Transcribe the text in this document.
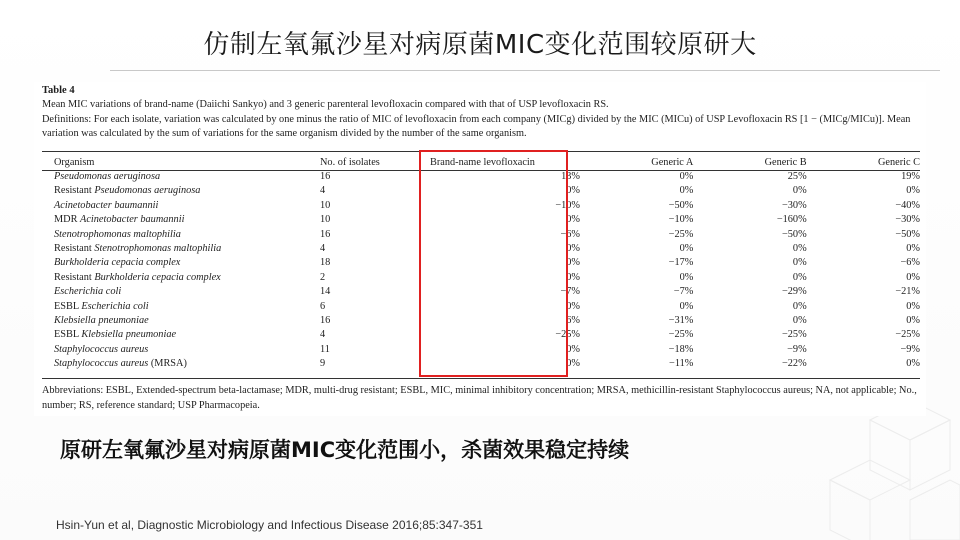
仿制左氧氟沙星对病原菌MIC变化范围较原研大
Table 4
Mean MIC variations of brand-name (Daiichi Sankyo) and 3 generic parenteral levofloxacin compared with that of USP levofloxacin RS.
Definitions: For each isolate, variation was calculated by one minus the ratio of MIC of levofloxacin from each company (MICg) divided by the MIC (MICu) of USP Levofloxacin RS [1 − (MICg/MICu)]. Mean variation was calculated by the sum of variations for the same organism divided by the number of the same organism.
Organism	No. of isolates	Brand-name levofloxacin	Generic A	Generic B	Generic C
Pseudomonas aeruginosa	16	13%	0%	25%	19%
Resistant Pseudomonas aeruginosa	4	0%	0%	0%	0%
Acinetobacter baumannii	10	−10%	−50%	−30%	−40%
MDR Acinetobacter baumannii	10	0%	−10%	−160%	−30%
Stenotrophomonas maltophilia	16	−6%	−25%	−50%	−50%
Resistant Stenotrophomonas maltophilia	4	0%	0%	0%	0%
Burkholderia cepacia complex	18	0%	−17%	0%	−6%
Resistant Burkholderia cepacia complex	2	0%	0%	0%	0%
Escherichia coli	14	−7%	−7%	−29%	−21%
ESBL Escherichia coli	6	0%	0%	0%	0%
Klebsiella pneumoniae	16	6%	−31%	0%	0%
ESBL Klebsiella pneumoniae	4	−25%	−25%	−25%	−25%
Staphylococcus aureus	11	0%	−18%	−9%	−9%
Staphylococcus aureus (MRSA)	9	0%	−11%	−22%	0%
Abbreviations: ESBL, Extended-spectrum beta-lactamase; MDR, multi-drug resistant; ESBL, MIC, minimal inhibitory concentration; MRSA, methicillin-resistant Staphylococcus aureus; NA, not applicable; No., number; RS, reference standard; USP Pharmacopeia.
原研左氧氟沙星对病原菌MIC变化范围小，杀菌效果稳定持续
Hsin-Yun et al, Diagnostic Microbiology and Infectious Disease 2016;85:347-351
